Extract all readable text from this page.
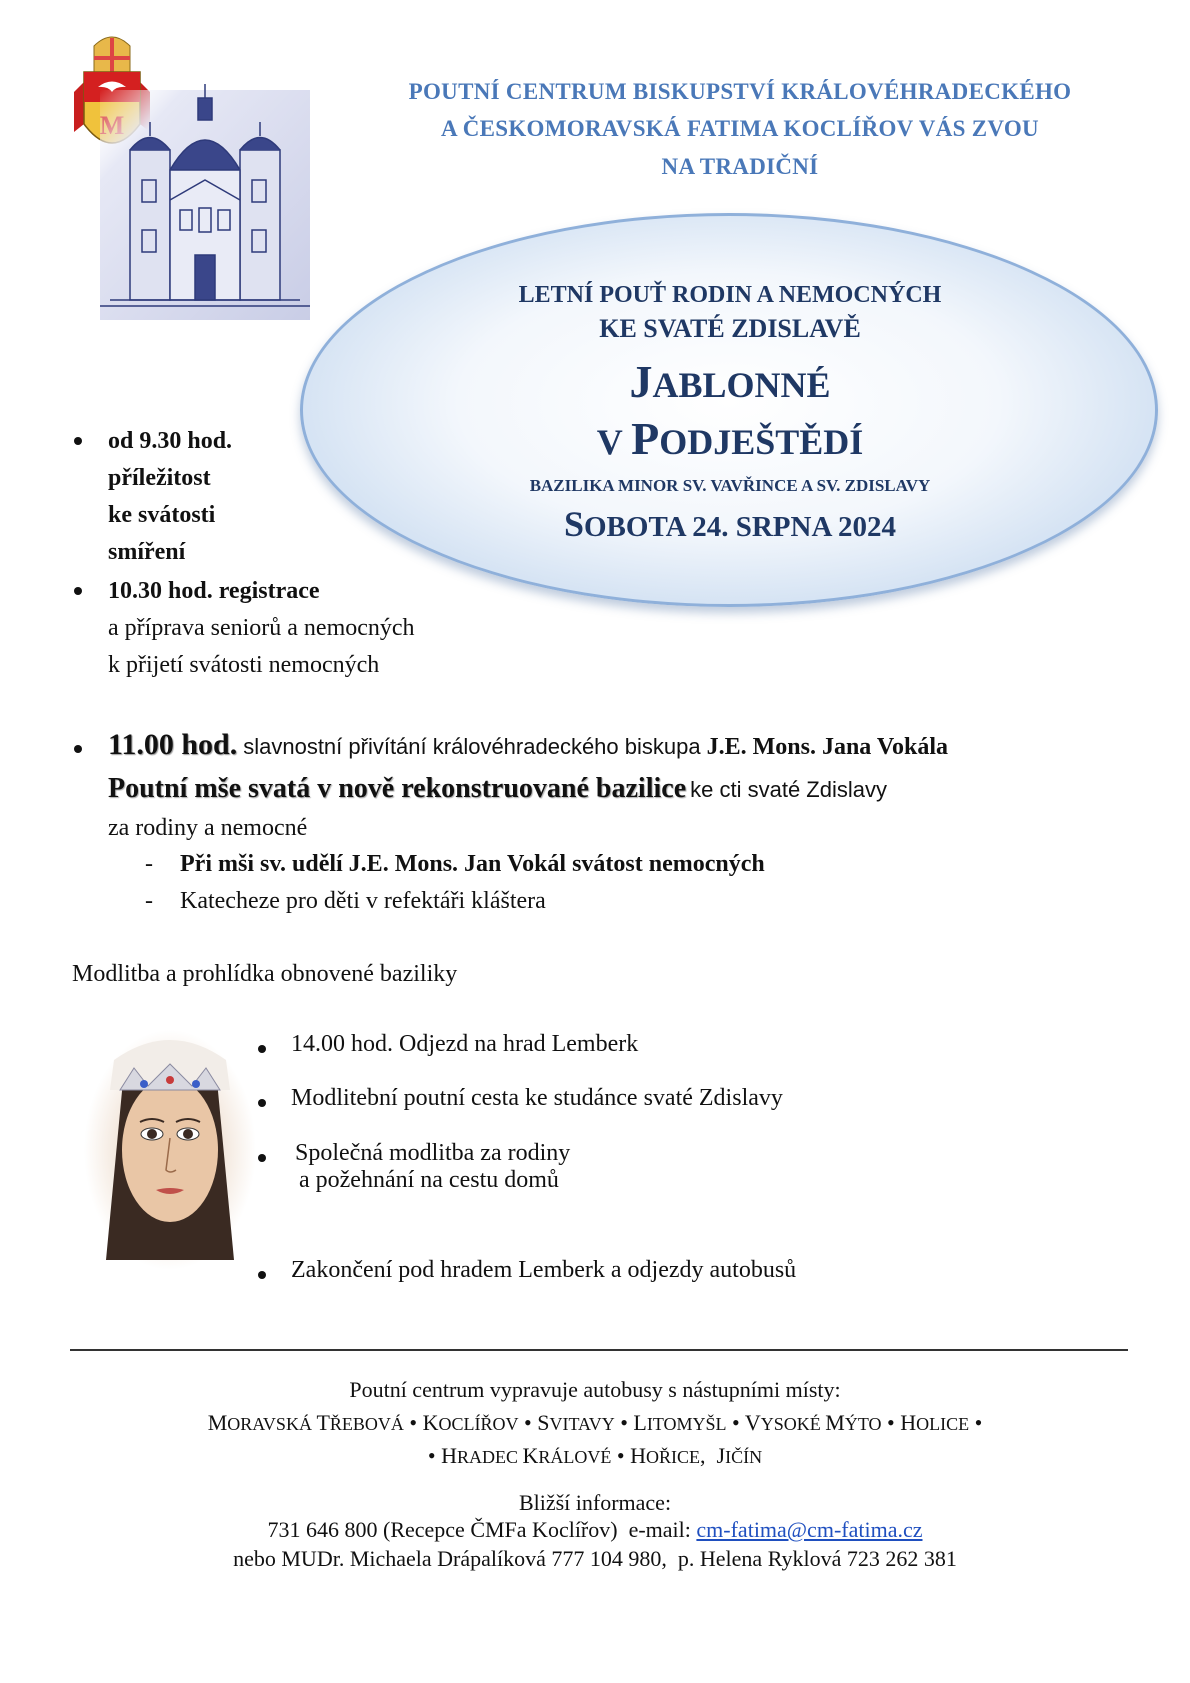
POUTNÍ CENTRUM BISKUPSTVÍ KRÁLOVÉHRADECKÉHO
A ČESKOMORAVSKÁ FATIMA KOCLÍŘOV VÁS ZVOU
NA TRADIČNÍ
LETNÍ POUŤ RODIN A NEMOCNÝCH
KE SVATÉ ZDISLAVĚ
JABLONNÉ
V PODJEŠTĚDÍ
BAZILIKA MINOR SV. VAVŘINCE A SV. ZDISLAVY
SOBOTA 24. SRPNA 2024
od 9.30 hod.
příležitost
ke svátosti
smíření
10.30 hod. registrace
a příprava seniorů a nemocných
k přijetí svátosti nemocných
11.00 hod. slavnostní přivítání královéhradeckého biskupa J.E. Mons. Jana Vokála
Poutní mše svatá v nově rekonstruované bazilice ke cti svaté Zdislavy
za rodiny a nemocné
- Při mši sv. udělí J.E. Mons. Jan Vokál svátost nemocných
- Katecheze pro děti v refektáři kláštera
Modlitba a prohlídka obnovené baziliky
14.00 hod. Odjezd na hrad Lemberk
Modlitební poutní cesta ke studánce svaté Zdislavy
Společná modlitba za rodiny
a požehnání na cestu domů
Zakončení pod hradem Lemberk a odjezdy autobusů
Poutní centrum vypravuje autobusy s nástupními místy:
MORAVSKÁ TŘEBOVÁ • KOCLÍŘOV • SVITAVY • LITOMYŠL • VYSOKÉ MÝTO • HOLICE •
• HRADEC KRÁLOVÉ • HOŘICE,  JIČÍN
Bližší informace:
731 646 800 (Recepce ČMFa Koclířov)  e-mail: cm-fatima@cm-fatima.cz
nebo MUDr. Michaela Drápalíková 777 104 980,  p. Helena Ryklová 723 262 381
